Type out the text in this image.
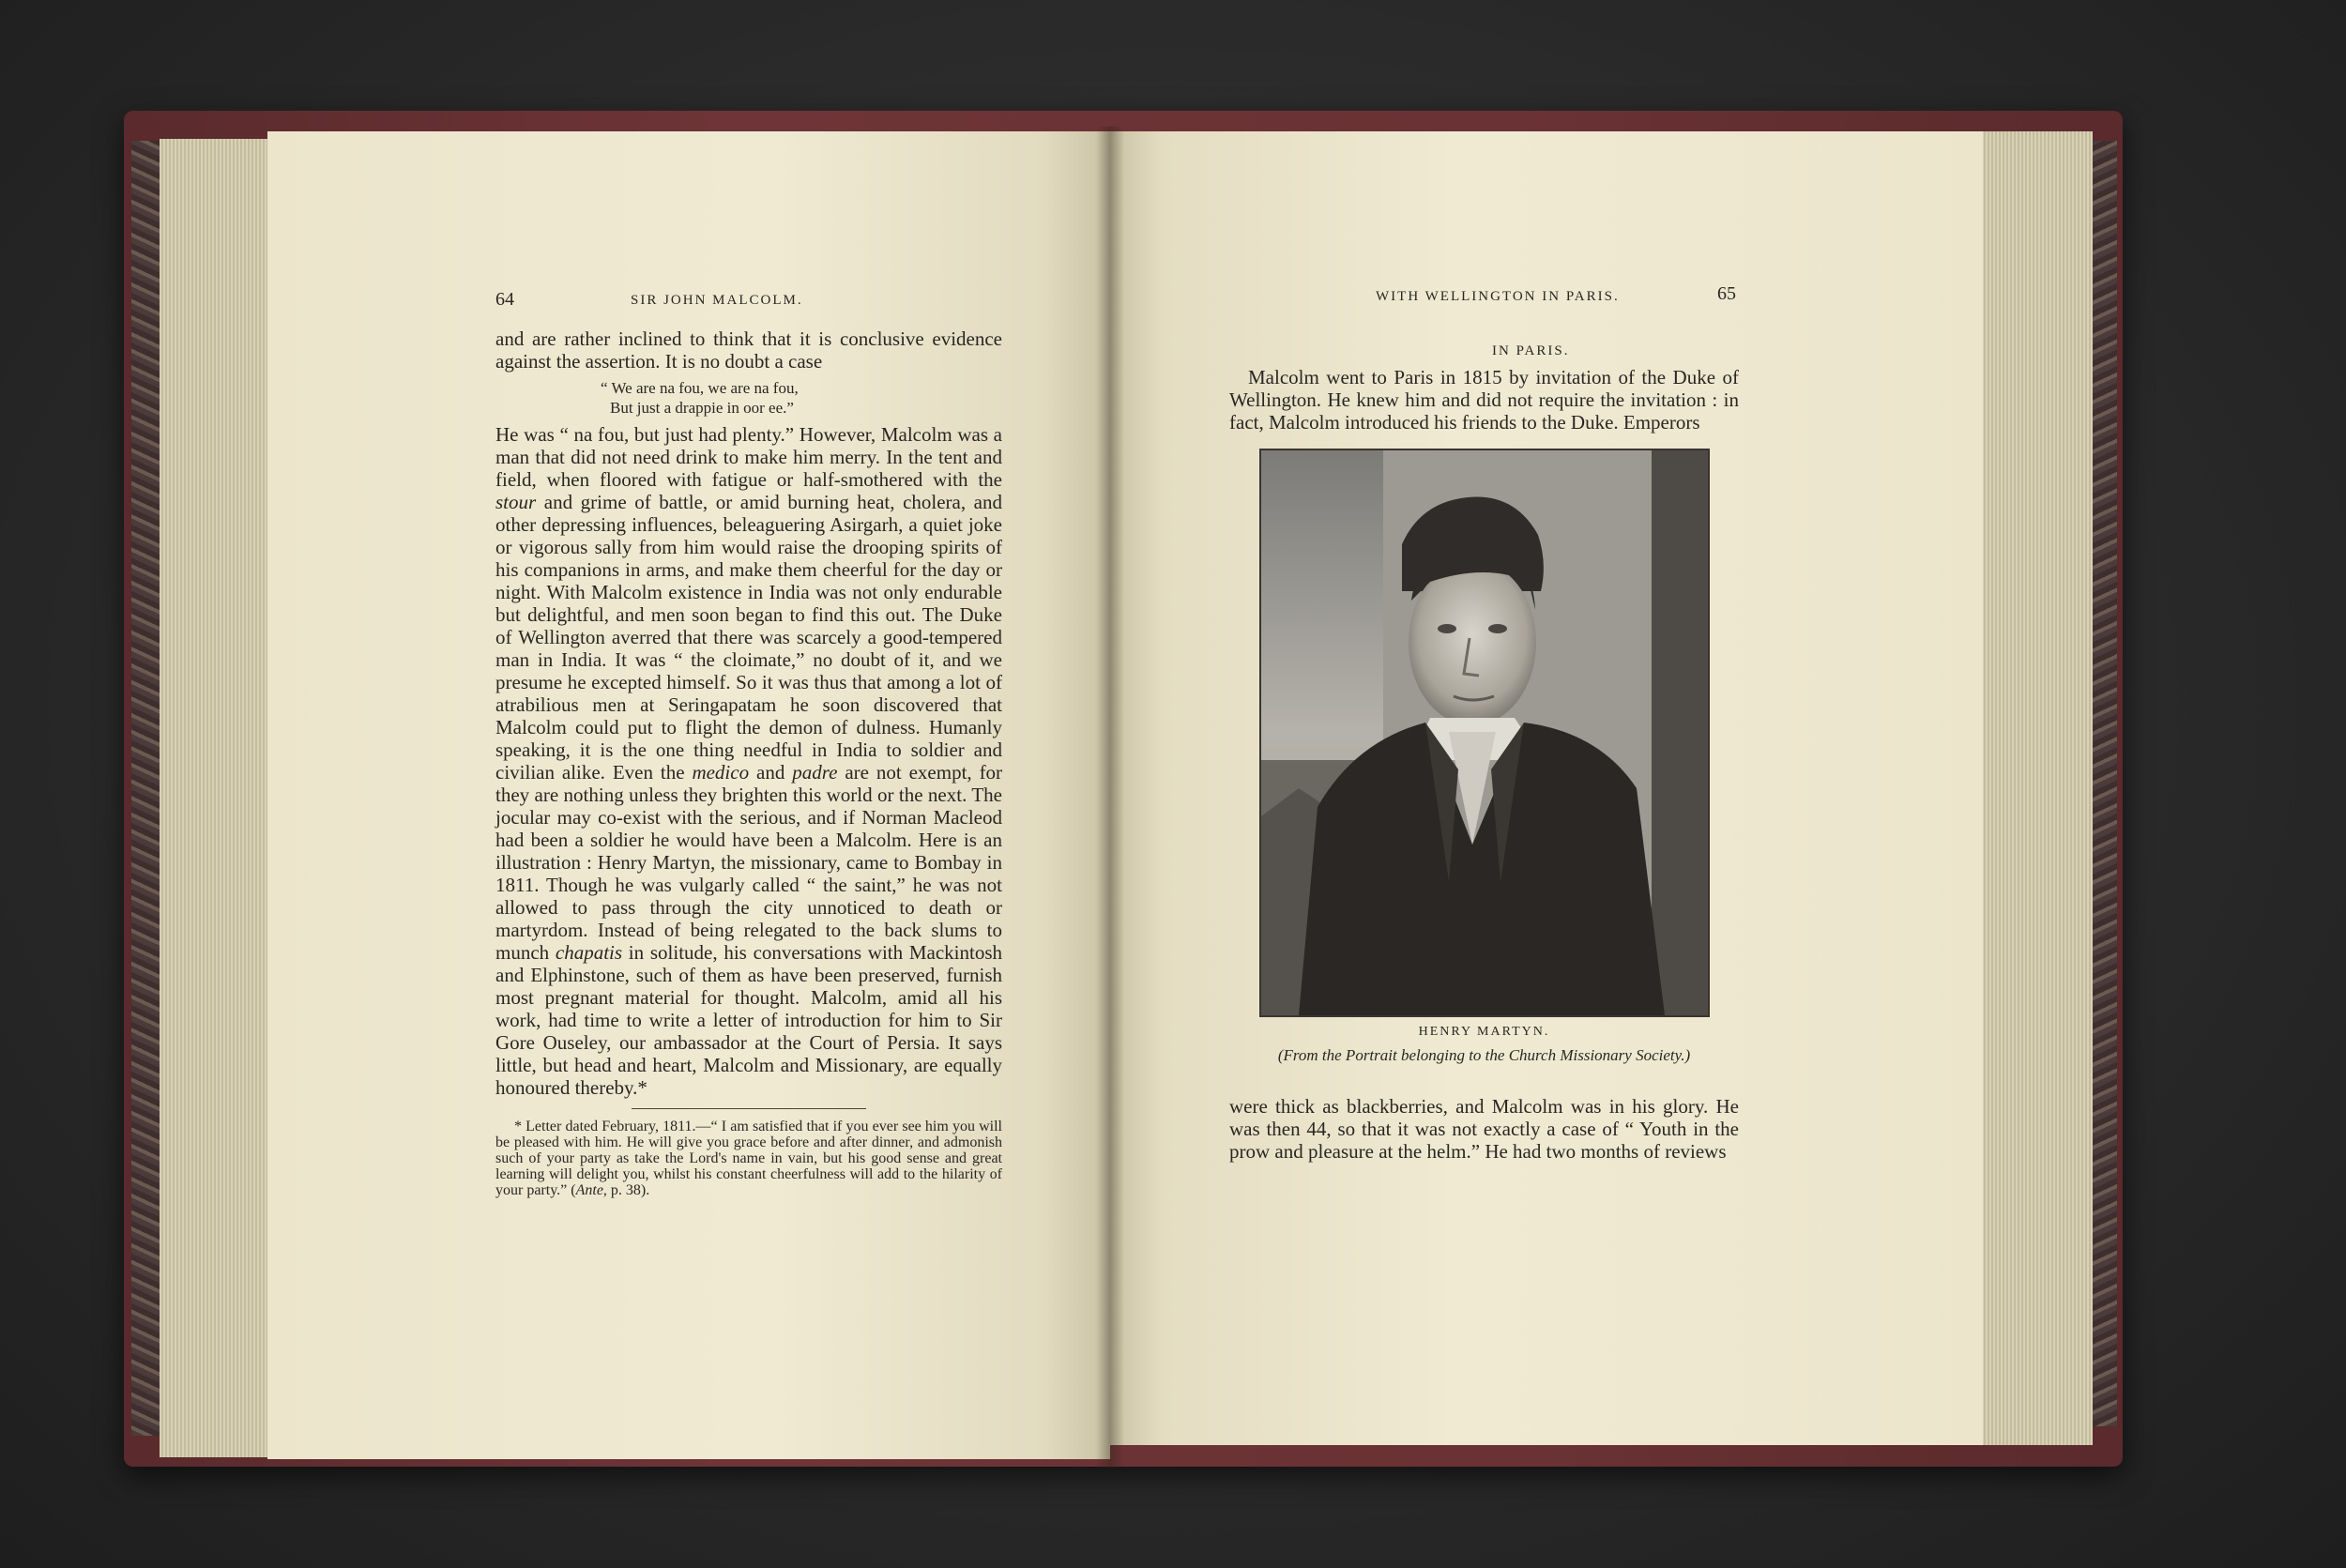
64	SIR JOHN MALCOLM.

and are rather inclined to think that it is conclusive evidence against the assertion. It is no doubt a case

“ We are na fou, we are na fou,
But just a drappie in oor ee.”

He was “ na fou, but just had plenty.” However, Malcolm was a man that did not need drink to make him merry. In the tent and field, when floored with fatigue or half-smothered with the stour and grime of battle, or amid burning heat, cholera, and other depressing influences, beleaguering Asirgarh, a quiet joke or vigorous sally from him would raise the drooping spirits of his companions in arms, and make them cheerful for the day or night. With Malcolm existence in India was not only endurable but delightful, and men soon began to find this out. The Duke of Wellington averred that there was scarcely a good-tempered man in India. It was “ the cloimate,” no doubt of it, and we presume he excepted himself. So it was thus that among a lot of atrabilious men at Seringapatam he soon discovered that Malcolm could put to flight the demon of dulness. Humanly speaking, it is the one thing needful in India to soldier and civilian alike. Even the medico and padre are not exempt, for they are nothing unless they brighten this world or the next. The jocular may co-exist with the serious, and if Norman Macleod had been a soldier he would have been a Malcolm. Here is an illustration : Henry Martyn, the missionary, came to Bombay in 1811. Though he was vulgarly called “ the saint,” he was not allowed to pass through the city unnoticed to death or martyrdom. Instead of being relegated to the back slums to munch chapatis in solitude, his conversations with Mackintosh and Elphinstone, such of them as have been preserved, furnish most pregnant material for thought. Malcolm, amid all his work, had time to write a letter of introduction for him to Sir Gore Ouseley, our ambassador at the Court of Persia. It says little, but head and heart, Malcolm and Missionary, are equally honoured thereby.*

* Letter dated February, 1811.—“ I am satisfied that if you ever see him you will be pleased with him. He will give you grace before and after dinner, and admonish such of your party as take the Lord's name in vain, but his good sense and great learning will delight you, whilst his constant cheerfulness will add to the hilarity of your party.” (Ante, p. 38).

WITH WELLINGTON IN PARIS.	65
IN PARIS.

Malcolm went to Paris in 1815 by invitation of the Duke of Wellington. He knew him and did not require the invitation : in fact, Malcolm introduced his friends to the Duke. Emperors

HENRY MARTYN.
(From the Portrait belonging to the Church Missionary Society.)

were thick as blackberries, and Malcolm was in his glory. He was then 44, so that it was not exactly a case of “ Youth in the prow and pleasure at the helm.” He had two months of reviews
